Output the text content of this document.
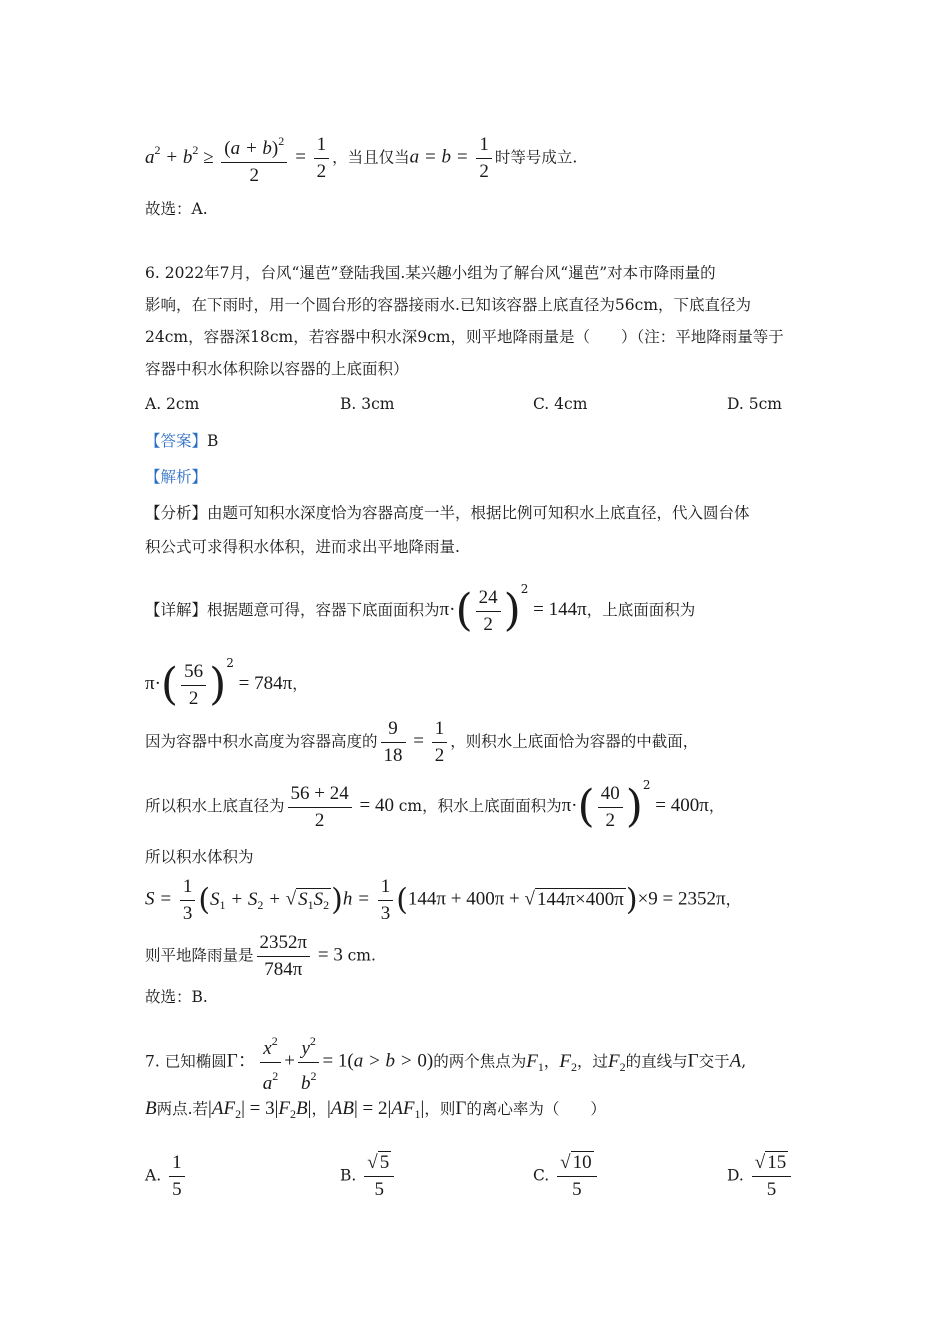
$a^2 + b^2 \ge \frac{(a + b)^2}{2} = \frac{1}{2}$ ，当且仅当$a = b = \frac{1}{2}$ 时等号成立.
故选：A.
6. 2022年7月，台风“暹芭”登陆我国.某兴趣小组为了解台风“暹芭”对本市降雨量的
影响，在下雨时，用一个圆台形的容器接雨水.已知该容器上底直径为56cm，下底直径为
24cm，容器深18cm，若容器中积水深9cm，则平地降雨量是（　　）（注：平地降雨量等于
容器中积水体积除以容器的上底面积）
A. 2cm	B. 3cm	C. 4cm	D. 5cm
【答案】B
【解析】
【分析】由题可知积水深度恰为容器高度一半，根据比例可知积水上底直径，代入圆台体
积公式可求得积水体积，进而求出平地降雨量.
【详解】根据题意可得，容器下底面面积为$\pi\cdot( \frac{24}{2} )^2 = 144\pi$，上底面面积为
$\pi\cdot( \frac{56}{2} )^2 = 784\pi$，
因为容器中积水高度为容器高度的 $\frac{9}{18} = \frac{1}{2}$ ，则积水上底面恰为容器的中截面，
所以积水上底直径为 $\frac{56 + 24}{2} = 40$ cm，积水上底面面积为$\pi\cdot( \frac{40}{2} )^2 = 400\pi$，
所以积水体积为
$S = \frac{1}{3} (S_1 + S_2$ + √ $S_1S_2)h = \frac{1}{3} (144\pi + 400\pi$ + √ 144π×400π)×9 = 2352π，
则平地降雨量是 $\frac{2352\pi}{784\pi} = 3$ cm.
故选：B.
7. 已知椭圆Γ： $\frac{x^2}{a^2} + \frac{y^2}{b^2} = 1(a > b > 0)$的两个焦点为$F_1$，$F_2$，过$F_2$的直线与Γ交于A,
B两点.若$|AF_2| = 3|F_2B|$，$|AB| = 2|AF_1|$，则Γ的离心率为（　　）
A. $\frac{1}{5}$	B. $\frac{√ 5}{5}$	C. $\frac{√ 10}{5}$	D. $\frac{√ 15}{5}$
